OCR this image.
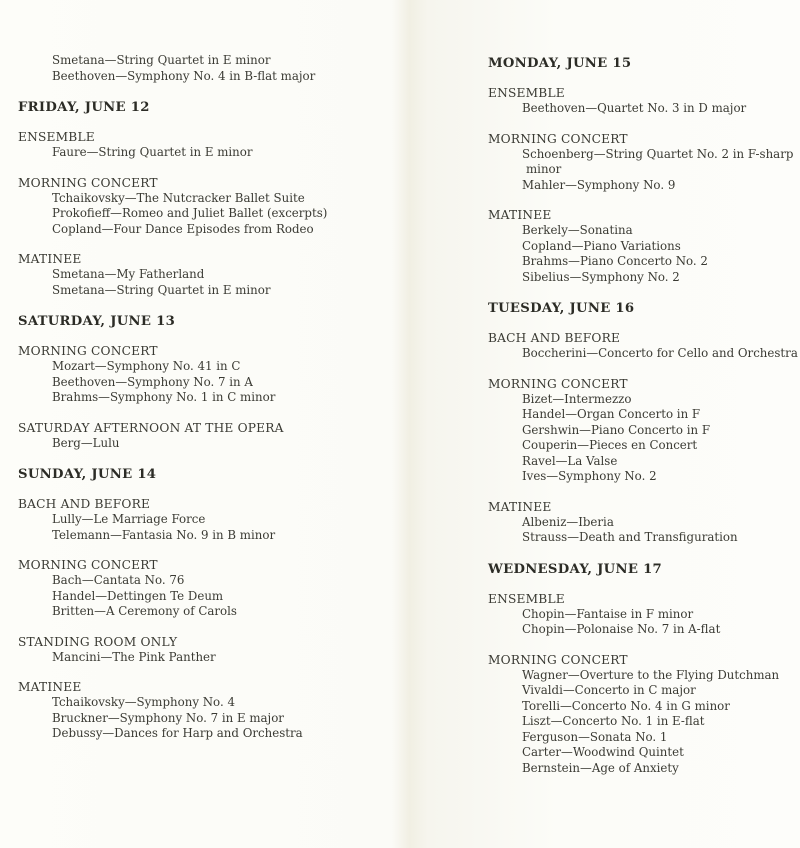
Smetana—String Quartet in E minor
Beethoven—Symphony No. 4 in B-flat major
FRIDAY, JUNE 12
ENSEMBLE
Faure—String Quartet in E minor
MORNING CONCERT
Tchaikovsky—The Nutcracker Ballet Suite
Prokofieff—Romeo and Juliet Ballet (excerpts)
Copland—Four Dance Episodes from Rodeo
MATINEE
Smetana—My Fatherland
Smetana—String Quartet in E minor
SATURDAY, JUNE 13
MORNING CONCERT
Mozart—Symphony No. 41 in C
Beethoven—Symphony No. 7 in A
Brahms—Symphony No. 1 in C minor
SATURDAY AFTERNOON AT THE OPERA
Berg—Lulu
SUNDAY, JUNE 14
BACH AND BEFORE
Lully—Le Marriage Force
Telemann—Fantasia No. 9 in B minor
MORNING CONCERT
Bach—Cantata No. 76
Handel—Dettingen Te Deum
Britten—A Ceremony of Carols
STANDING ROOM ONLY
Mancini—The Pink Panther
MATINEE
Tchaikovsky—Symphony No. 4
Bruckner—Symphony No. 7 in E major
Debussy—Dances for Harp and Orchestra
MONDAY, JUNE 15
ENSEMBLE
Beethoven—Quartet No. 3 in D major
MORNING CONCERT
Schoenberg—String Quartet No. 2 in F-sharp
minor
Mahler—Symphony No. 9
MATINEE
Berkely—Sonatina
Copland—Piano Variations
Brahms—Piano Concerto No. 2
Sibelius—Symphony No. 2
TUESDAY, JUNE 16
BACH AND BEFORE
Boccherini—Concerto for Cello and Orchestra
MORNING CONCERT
Bizet—Intermezzo
Handel—Organ Concerto in F
Gershwin—Piano Concerto in F
Couperin—Pieces en Concert
Ravel—La Valse
Ives—Symphony No. 2
MATINEE
Albeniz—Iberia
Strauss—Death and Transfiguration
WEDNESDAY, JUNE 17
ENSEMBLE
Chopin—Fantaise in F minor
Chopin—Polonaise No. 7 in A-flat
MORNING CONCERT
Wagner—Overture to the Flying Dutchman
Vivaldi—Concerto in C major
Torelli—Concerto No. 4 in G minor
Liszt—Concerto No. 1 in E-flat
Ferguson—Sonata No. 1
Carter—Woodwind Quintet
Bernstein—Age of Anxiety
